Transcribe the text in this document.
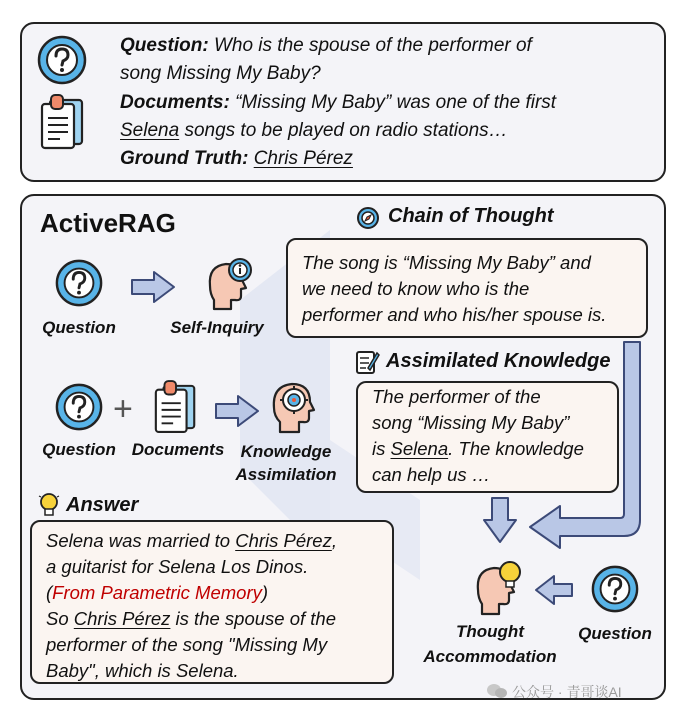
Question: Who is the spouse of the performer of
song Missing My Baby?
Documents: “Missing My Baby” was one of the first
Selena songs to be played on radio stations…
Ground Truth: Chris Pérez
ActiveRAG	Chain of Thought
The song is “Missing My Baby” and
we need to know who is the
performer and who his/her spouse is.
Question	Self-Inquiry
Question
+
Documents Knowledge
Assimilation
Assimilated Knowledge
The performer of the
song “Missing My Baby”
is Selena. The knowledge
can help us …
Thought
Accommodation
Question
Answer
Selena was married to Chris Pérez,
a guitarist for Selena Los Dinos.
(From Parametric Memory)
So Chris Pérez is the spouse of the
performer of the song "Missing My
Baby", which is Selena.
公众号 · 青哥谈AI
